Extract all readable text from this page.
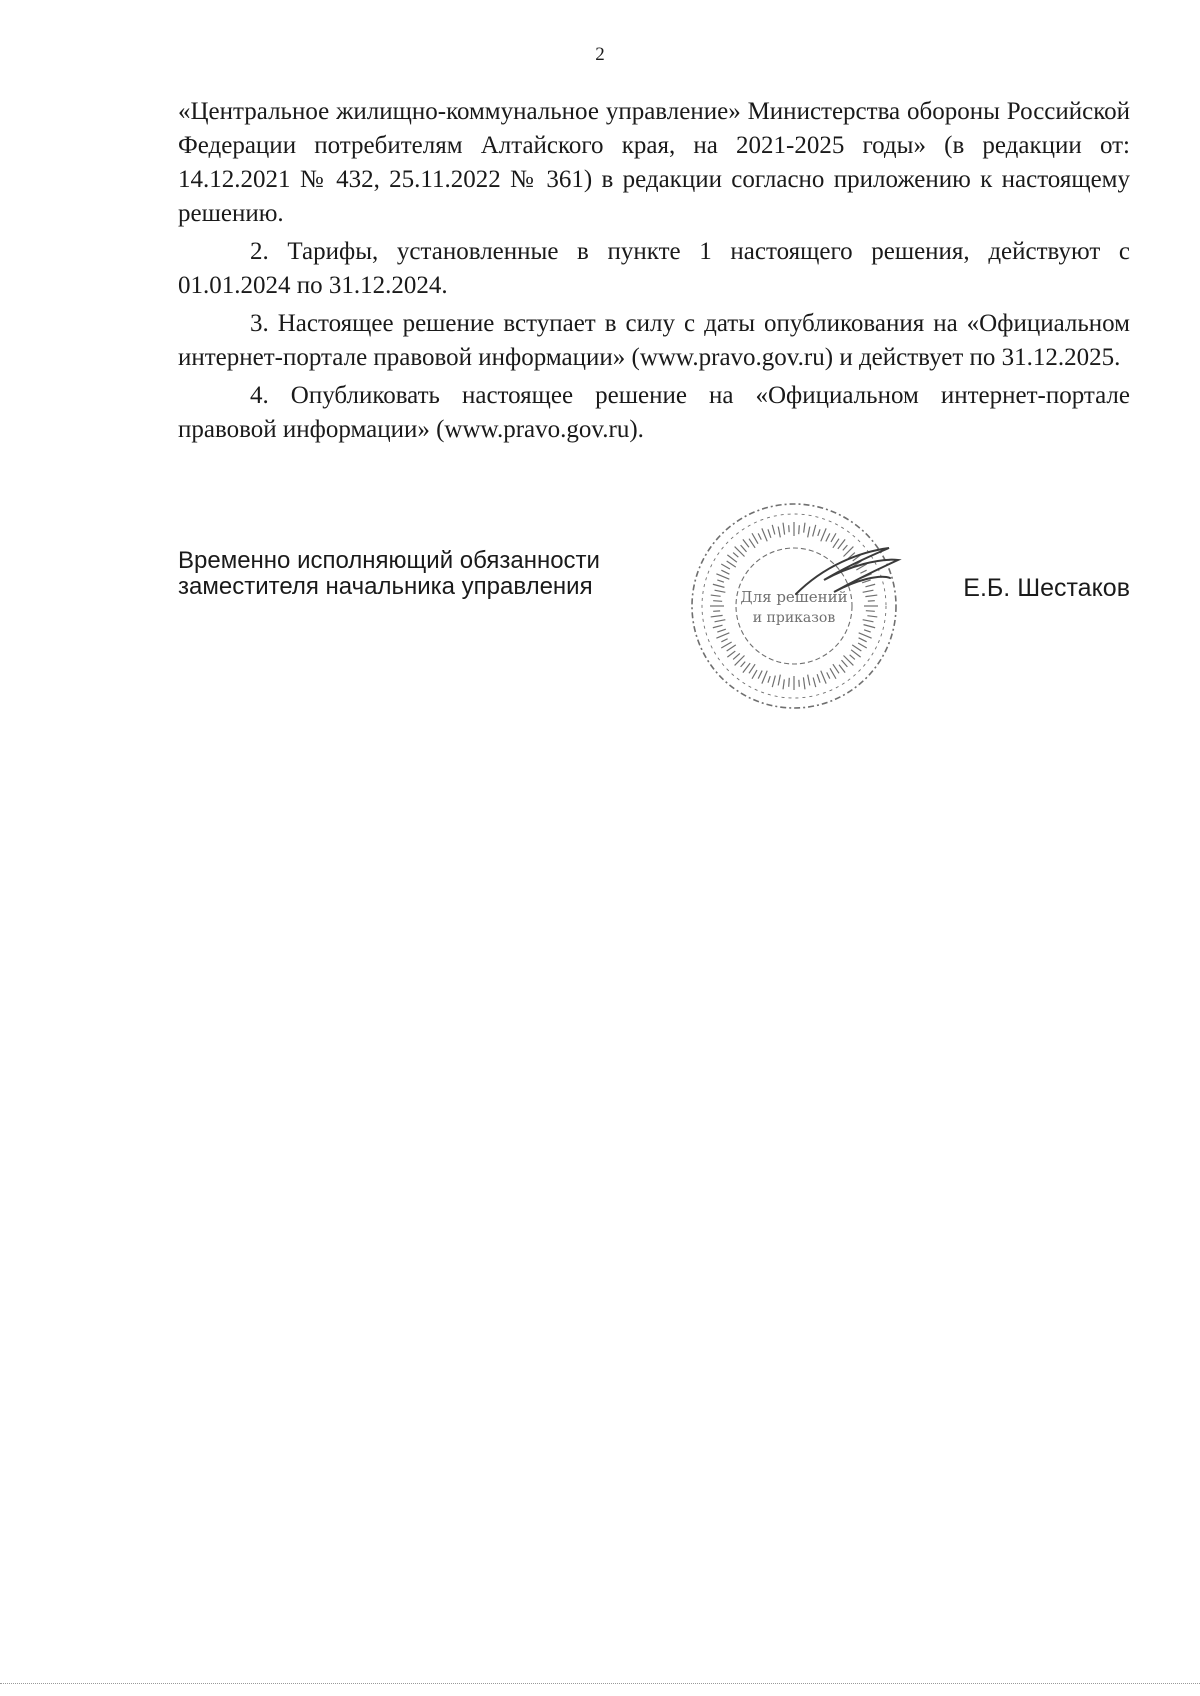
2

«Центральное жилищно-коммунальное управление» Министерства обороны Российской Федерации потребителям Алтайского края, на 2021-2025 годы» (в редакции от: 14.12.2021 № 432, 25.11.2022 № 361) в редакции согласно приложению к настоящему решению.

2. Тарифы, установленные в пункте 1 настоящего решения, действуют с 01.01.2024 по 31.12.2024.

3. Настоящее решение вступает в силу с даты опубликования на «Официальном интернет-портале правовой информации» (www.pravo.gov.ru) и действует по 31.12.2025.

4. Опубликовать настоящее решение на «Официальном интернет-портале правовой информации» (www.pravo.gov.ru).

Временно исполняющий обязанности
заместителя начальника управления	Для решений
и приказов
Е.Б. Шестаков
